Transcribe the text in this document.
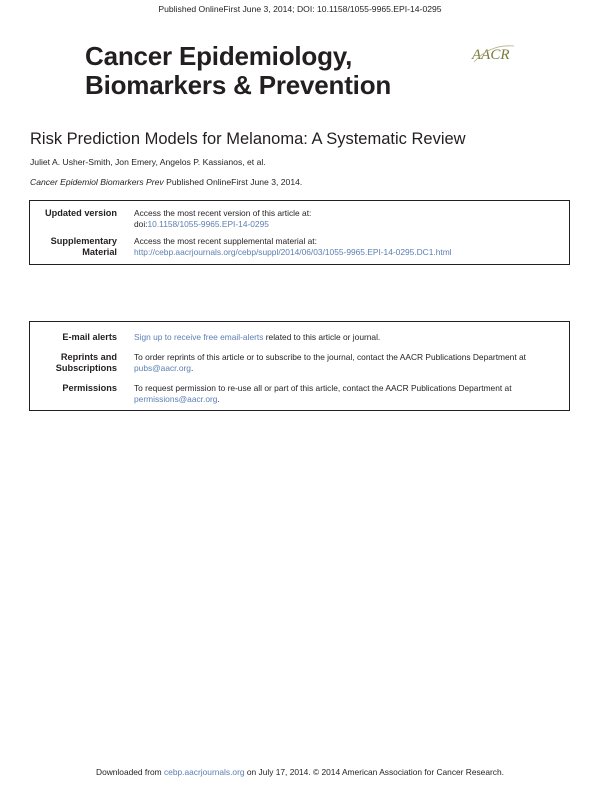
Published OnlineFirst June 3, 2014; DOI: 10.1158/1055-9965.EPI-14-0295
Cancer Epidemiology,
Biomarkers & Prevention
AACR
Risk Prediction Models for Melanoma: A Systematic Review
Juliet A. Usher-Smith, Jon Emery, Angelos P. Kassianos, et al.
Cancer Epidemiol Biomarkers Prev Published OnlineFirst June 3, 2014.
Updated version Access the most recent version of this article at:
doi:10.1158/1055-9965.EPI-14-0295
Supplementary
Material
Access the most recent supplemental material at:
http://cebp.aacrjournals.org/cebp/suppl/2014/06/03/1055-9965.EPI-14-0295.DC1.html
E-mail alerts Sign up to receive free email-alerts related to this article or journal.
Reprints and
Subscriptions
To order reprints of this article or to subscribe to the journal, contact the AACR Publications Department at pubs@aacr.org.
Permissions To request permission to re-use all or part of this article, contact the AACR Publications Department at permissions@aacr.org.
Downloaded from cebp.aacrjournals.org on July 17, 2014. © 2014 American Association for Cancer Research.
